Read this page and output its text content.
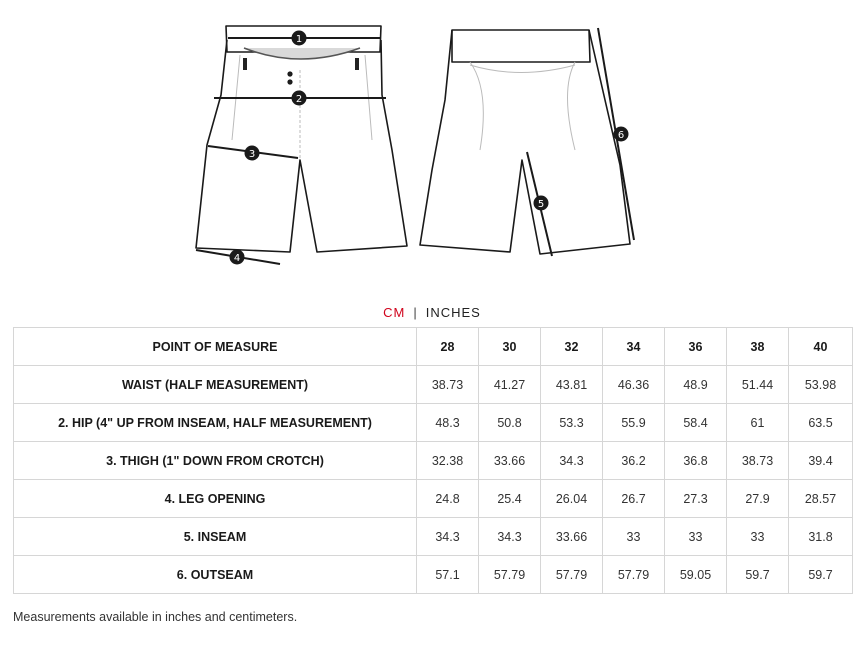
1
2
3
4
5
6
CM | INCHES
POINT OF MEASURE	28	30	32	34	36	38	40
WAIST (HALF MEASUREMENT)	38.73	41.27	43.81	46.36	48.9	51.44	53.98
2. HIP (4" UP FROM INSEAM, HALF MEASUREMENT)	48.3	50.8	53.3	55.9	58.4	61	63.5
3. THIGH (1" DOWN FROM CROTCH)	32.38	33.66	34.3	36.2	36.8	38.73	39.4
4. LEG OPENING	24.8	25.4	26.04	26.7	27.3	27.9	28.57
5. INSEAM	34.3	34.3	33.66	33	33	33	31.8
6. OUTSEAM	57.1	57.79	57.79	57.79	59.05	59.7	59.7
Measurements available in inches and centimeters.
